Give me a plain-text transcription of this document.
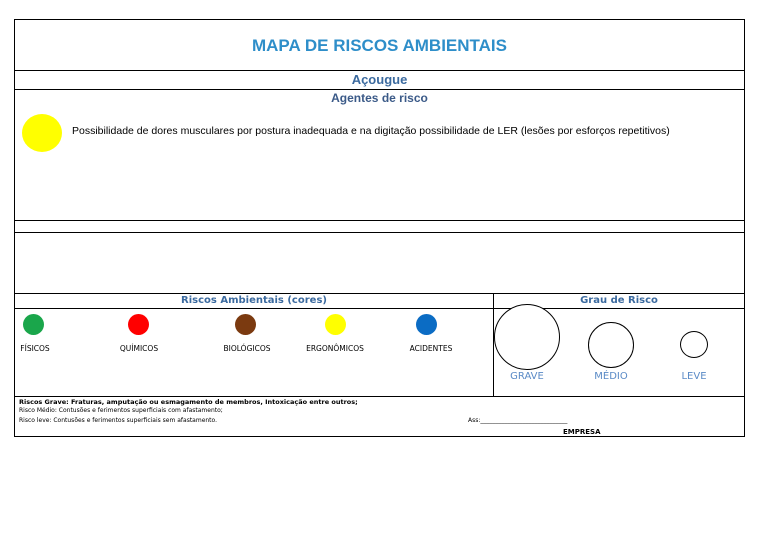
MAPA DE RISCOS AMBIENTAIS
Açougue
Agentes de risco
Possibilidade de dores musculares por postura inadequada e na digitação possibilidade de LER (lesões por esforços repetitivos)
Riscos Ambientais (cores)	Grau de Risco
FÍSICOS	QUÍMICOS	BIOLÓGICOS	ERGONÔMICOS	ACIDENTES
GRAVE	MÉDIO	LEVE
Riscos Grave: Fraturas, amputação ou esmagamento de membros, Intoxicação entre outros;
Risco Médio: Contusões e ferimentos superficiais com afastamento;
Risco leve: Contusões e ferimentos superficiais sem afastamento.	Ass:_____________________________
EMPRESA
